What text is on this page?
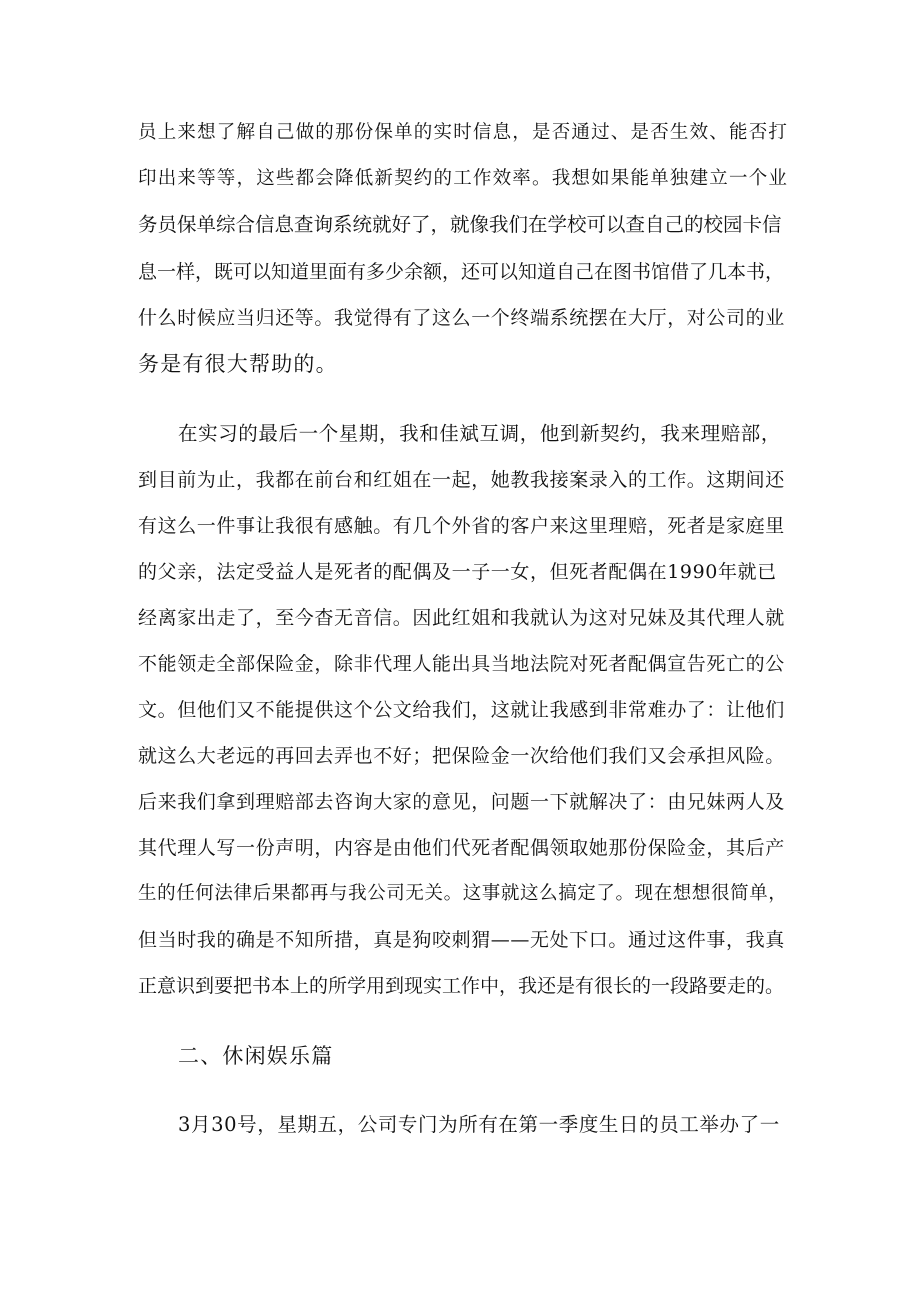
员上来想了解自己做的那份保单的实时信息，是否通过、是否生效、能否打
印出来等等，这些都会降低新契约的工作效率。我想如果能单独建立一个业
务员保单综合信息查询系统就好了，就像我们在学校可以查自己的校园卡信
息一样，既可以知道里面有多少余额，还可以知道自己在图书馆借了几本书，
什么时候应当归还等。我觉得有了这么一个终端系统摆在大厅，对公司的业
务是有很大帮助的。
在实习的最后一个星期，我和佳斌互调，他到新契约，我来理赔部，
到目前为止，我都在前台和红姐在一起，她教我接案录入的工作。这期间还
有这么一件事让我很有感触。有几个外省的客户来这里理赔，死者是家庭里
的父亲，法定受益人是死者的配偶及一子一女，但死者配偶在1990年就已
经离家出走了，至今杳无音信。因此红姐和我就认为这对兄妹及其代理人就
不能领走全部保险金，除非代理人能出具当地法院对死者配偶宣告死亡的公
文。但他们又不能提供这个公文给我们，这就让我感到非常难办了：让他们
就这么大老远的再回去弄也不好；把保险金一次给他们我们又会承担风险。
后来我们拿到理赔部去咨询大家的意见，问题一下就解决了：由兄妹两人及
其代理人写一份声明，内容是由他们代死者配偶领取她那份保险金，其后产
生的任何法律后果都再与我公司无关。这事就这么搞定了。现在想想很简单，
但当时我的确是不知所措，真是狗咬刺猬——无处下口。通过这件事，我真
正意识到要把书本上的所学用到现实工作中，我还是有很长的一段路要走的。
二、休闲娱乐篇
3月30号，星期五，公司专门为所有在第一季度生日的员工举办了一
